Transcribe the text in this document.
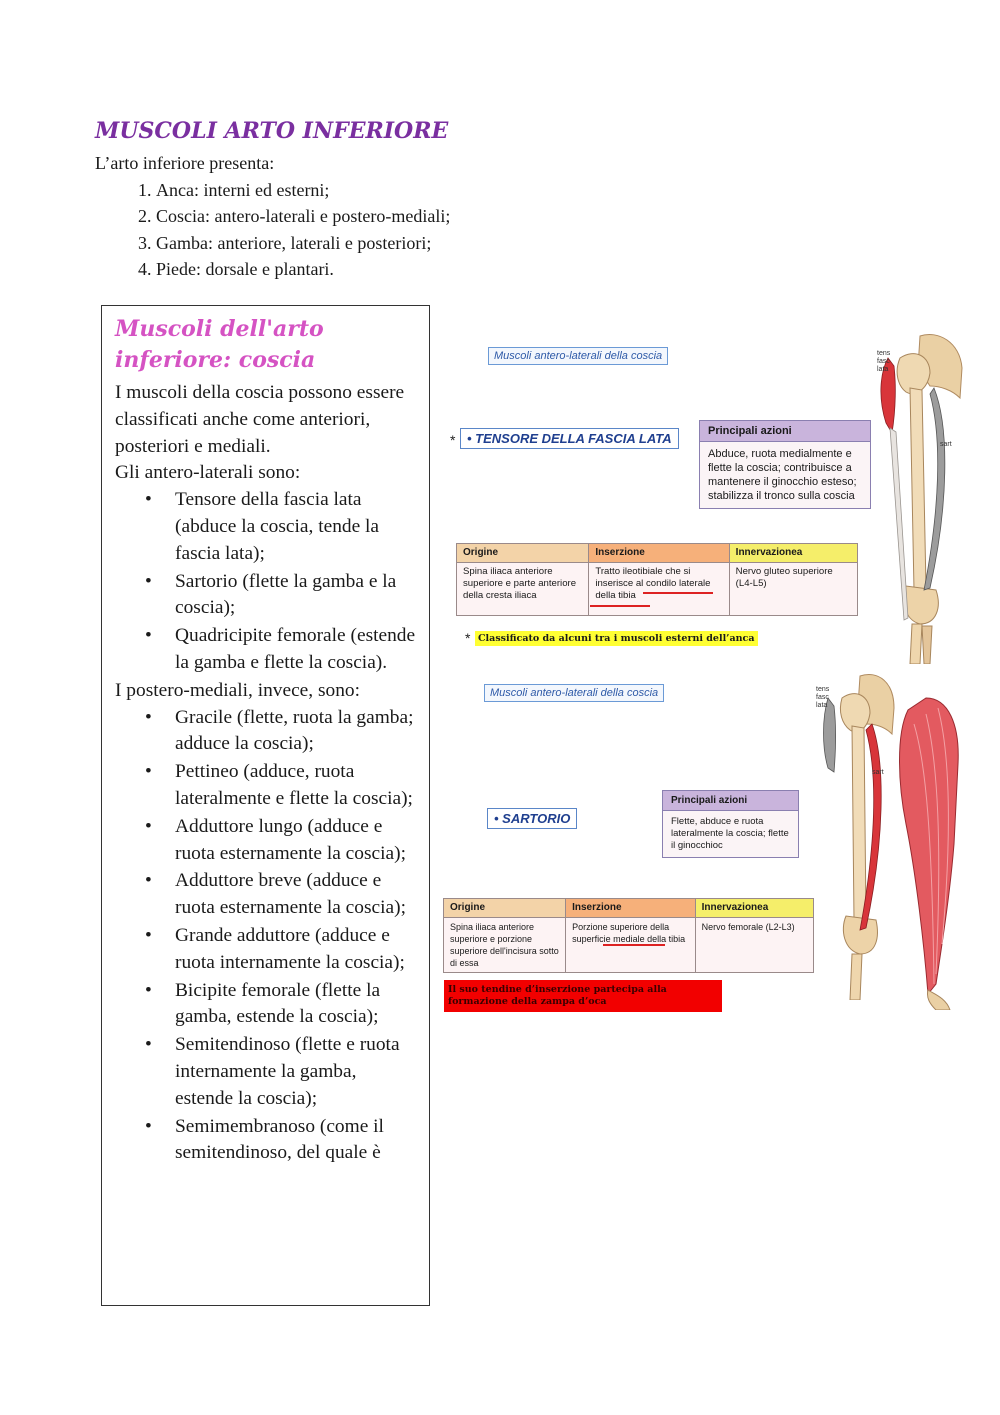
MUSCOLI ARTO INFERIORE
L’arto inferiore presenta:
1. Anca: interni ed esterni;
2. Coscia: antero-laterali e postero-mediali;
3. Gamba: anteriore, laterali e posteriori;
4. Piede: dorsale e plantari.
Muscoli dell'arto inferiore: coscia

I muscoli della coscia possono essere classificati anche come anteriori, posteriori e mediali.

Gli antero-laterali sono:

• Tensore della fascia lata (abduce la coscia, tende la fascia lata);
• Sartorio (flette la gamba e la coscia);
• Quadricipite femorale (estende la gamba e flette la coscia).

I postero-mediali, invece, sono:

• Gracile (flette, ruota la gamba; adduce la coscia);
• Pettineo (adduce, ruota lateralmente e flette la coscia);
• Adduttore lungo (adduce e ruota esternamente la coscia);
• Adduttore breve (adduce e ruota esternamente la coscia);
• Grande adduttore (adduce e ruota internamente la coscia);
• Bicipite femorale (flette la gamba, estende la coscia);
• Semitendinoso (flette e ruota internamente la gamba, estende la coscia);
• Semimembranoso (come il semitendinoso, del quale è
Muscoli antero-laterali della coscia
* • TENSORE DELLA FASCIA LATA	Principali azioni
Abduce, ruota medialmente e flette la coscia; contribuisce a mantenere il ginocchio esteso; stabilizza il tronco sulla coscia
Origine	Inserzione	Innervazionea
Spina iliaca anteriore superiore e parte anteriore della cresta iliaca	Tratto ileotibiale che si inserisce al condilo laterale della tibia	Nervo gluteo superiore (L4-L5)
* Classificato da alcuni tra i muscoli esterni dell’anca
tens
fasc
lata
sart
Muscoli antero-laterali della coscia
• SARTORIO
Principali azioni
Flette, abduce e ruota lateralmente la coscia; flette il ginocchioc
Origine	Inserzione	Innervazionea
Spina iliaca anteriore superiore e porzione superiore dell'incisura sotto di essa	Porzione superiore della superficie mediale della tibia	Nervo femorale (L2-L3)
Il suo tendine d’inserzione partecipa alla formazione della zampa d’oca
tens
fasc
lata
sart
